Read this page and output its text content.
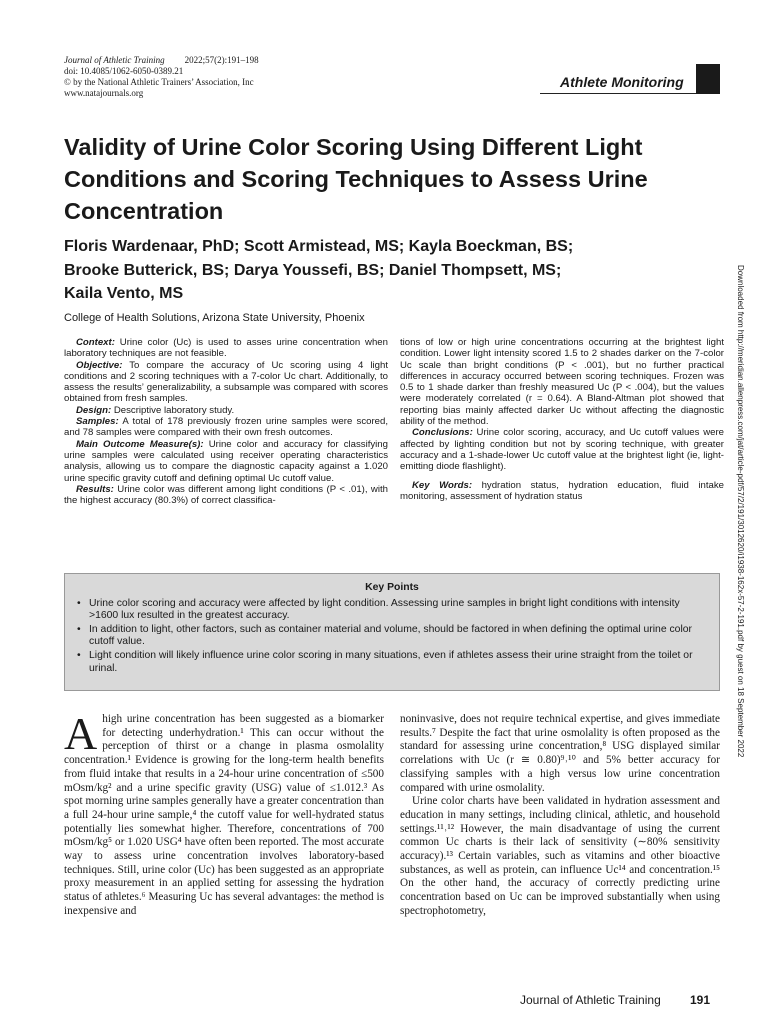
Journal of Athletic Training 2022;57(2):191–198
doi: 10.4085/1062-6050-0389.21
© by the National Athletic Trainers’ Association, Inc
www.natajournals.org
Athlete Monitoring
Downloaded from http://meridian.allenpress.com/jat/article-pdf/57/2/191/3012620/i1938-162x-57-2-191.pdf by guest on 18 September 2022
Validity of Urine Color Scoring Using Different Light Conditions and Scoring Techniques to Assess Urine Concentration
Floris Wardenaar, PhD; Scott Armistead, MS; Kayla Boeckman, BS;
Brooke Butterick, BS; Darya Youssefi, BS; Daniel Thompsett, MS;
Kaila Vento, MS
College of Health Solutions, Arizona State University, Phoenix

Context: Urine color (Uc) is used to asses urine concentration when laboratory techniques are not feasible.

Objective: To compare the accuracy of Uc scoring using 4 light conditions and 2 scoring techniques with a 7-color Uc chart. Additionally, to assess the results’ generalizability, a subsample was compared with scores obtained from fresh samples.

Design: Descriptive laboratory study.

Samples: A total of 178 previously frozen urine samples were scored, and 78 samples were compared with their own fresh outcomes.

Main Outcome Measure(s): Urine color and accuracy for classifying urine samples were calculated using receiver operating characteristics analysis, allowing us to compare the diagnostic capacity against a 1.020 urine specific gravity cutoff and defining optimal Uc cutoff value.

Results: Urine color was different among light conditions (P < .01), with the highest accuracy (80.3%) of correct classifica-

tions of low or high urine concentrations occurring at the brightest light condition. Lower light intensity scored 1.5 to 2 shades darker on the 7-color Uc scale than bright conditions (P < .001), but no further practical differences in accuracy occurred between scoring techniques. Frozen was 0.5 to 1 shade darker than freshly measured Uc (P < .004), but the values were moderately correlated (r = 0.64). A Bland-Altman plot showed that reporting bias mainly affected darker Uc without affecting the diagnostic ability of the method.

Conclusions: Urine color scoring, accuracy, and Uc cutoff values were affected by lighting condition but not by scoring technique, with greater accuracy and a 1-shade-lower Uc cutoff value at the brightest light (ie, light-emitting diode flashlight).

Key Words: hydration status, hydration education, fluid intake monitoring, assessment of hydration status

Key Points
• Urine color scoring and accuracy were affected by light condition. Assessing urine samples in bright light conditions with intensity >1600 lux resulted in the greatest accuracy.
• In addition to light, other factors, such as container material and volume, should be factored in when defining the optimal urine color cutoff value.
• Light condition will likely influence urine color scoring in many situations, even if athletes assess their urine straight from the toilet or urinal.

Ahigh urine concentration has been suggested as a biomarker for detecting underhydration.¹ This can occur without the perception of thirst or a change in plasma osmolality concentration.¹ Evidence is growing for the long-term health benefits from fluid intake that results in a 24-hour urine concentration of ≤500 mOsm/kg² and a urine specific gravity (USG) value of ≤1.012.³ As spot morning urine samples generally have a greater concentration than a full 24-hour urine sample,⁴ the cutoff value for well-hydrated status potentially lies somewhat higher. Therefore, concentrations of 700 mOsm/kg⁵ or 1.020 USG⁴ have often been reported. The most accurate way to assess urine concentration involves laboratory-based techniques. Still, urine color (Uc) has been suggested as an appropriate proxy measurement in an applied setting for assessing the hydration status of athletes.⁶ Measuring Uc has several advantages: the method is inexpensive and

noninvasive, does not require technical expertise, and gives immediate results.⁷ Despite the fact that urine osmolality is often proposed as the standard for assessing urine concentration,⁸ USG displayed similar correlations with Uc (r ≅ 0.80)⁹˒¹⁰ and 5% better accuracy for classifying samples with a high versus low urine concentration compared with urine osmolality.

Urine color charts have been validated in hydration assessment and education in many settings, including clinical, athletic, and household settings.¹¹˒¹² However, the main disadvantage of using the current common Uc charts is their lack of sensitivity (∼80% sensitivity accuracy).¹³ Certain variables, such as vitamins and other bioactive substances, as well as protein, can influence Uc¹⁴ and concentration.¹⁵ On the other hand, the accuracy of correctly predicting urine concentration based on Uc can be improved substantially when using spectrophotometry,

Journal of Athletic Training 191
